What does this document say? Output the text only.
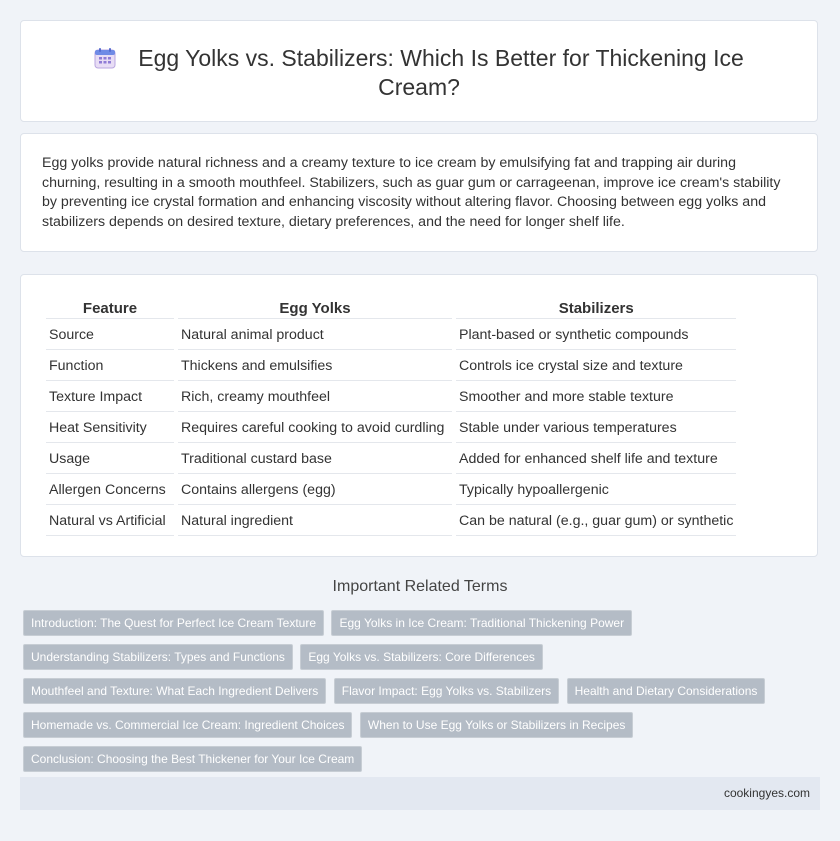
Egg Yolks vs. Stabilizers: Which Is Better for Thickening Ice Cream?

Egg yolks provide natural richness and a creamy texture to ice cream by emulsifying fat and trapping air during churning, resulting in a smooth mouthfeel. Stabilizers, such as guar gum or carrageenan, improve ice cream's stability by preventing ice crystal formation and enhancing viscosity without altering flavor. Choosing between egg yolks and stabilizers depends on desired texture, dietary preferences, and the need for longer shelf life.

Feature	Egg Yolks	Stabilizers
Source	Natural animal product	Plant-based or synthetic compounds
Function	Thickens and emulsifies	Controls ice crystal size and texture
Texture Impact	Rich, creamy mouthfeel	Smoother and more stable texture
Heat Sensitivity	Requires careful cooking to avoid curdling	Stable under various temperatures
Usage	Traditional custard base	Added for enhanced shelf life and texture
Allergen Concerns	Contains allergens (egg)	Typically hypoallergenic
Natural vs Artificial	Natural ingredient	Can be natural (e.g., guar gum) or synthetic
Important Related Terms
Introduction: The Quest for Perfect Ice Cream Texture Egg Yolks in Ice Cream: Traditional Thickening Power
Understanding Stabilizers: Types and Functions Egg Yolks vs. Stabilizers: Core Differences
Mouthfeel and Texture: What Each Ingredient Delivers Flavor Impact: Egg Yolks vs. Stabilizers Health and Dietary Considerations
Homemade vs. Commercial Ice Cream: Ingredient Choices When to Use Egg Yolks or Stabilizers in Recipes
Conclusion: Choosing the Best Thickener for Your Ice Cream
cookingyes.com
